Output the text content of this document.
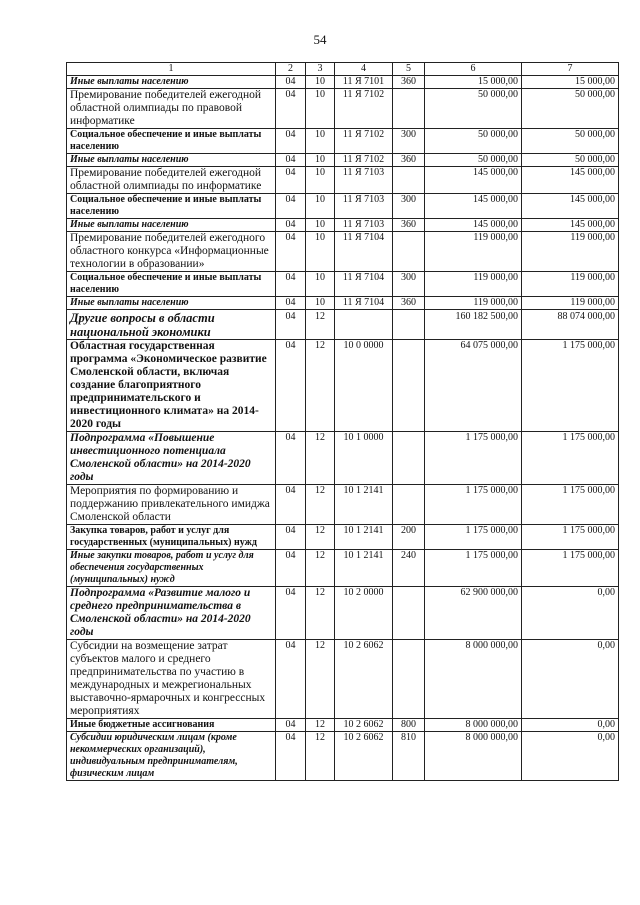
54
1	2	3	4	5	6	7
Иные выплаты населению	04	10	11 Я 7101	360	15 000,00	15 000,00
Премирование победителей ежегодной областной олимпиады по правовой информатике	04	10	11 Я 7102		50 000,00	50 000,00
Социальное обеспечение и иные выплаты населению	04	10	11 Я 7102	300	50 000,00	50 000,00
Иные выплаты населению	04	10	11 Я 7102	360	50 000,00	50 000,00
Премирование победителей ежегодной областной олимпиады по информатике	04	10	11 Я 7103		145 000,00	145 000,00
Социальное обеспечение и иные выплаты населению	04	10	11 Я 7103	300	145 000,00	145 000,00
Иные выплаты населению	04	10	11 Я 7103	360	145 000,00	145 000,00
Премирование победителей ежегодного областного конкурса «Информационные технологии в образовании»	04	10	11 Я 7104		119 000,00	119 000,00
Социальное обеспечение и иные выплаты населению	04	10	11 Я 7104	300	119 000,00	119 000,00
Иные выплаты населению	04	10	11 Я 7104	360	119 000,00	119 000,00
Другие вопросы в области национальной экономики	04	12			160 182 500,00	88 074 000,00
Областная государственная программа «Экономическое развитие Смоленской области, включая создание благоприятного предпринимательского и инвестиционного климата» на 2014-2020 годы	04	12	10 0 0000		64 075 000,00	1 175 000,00
Подпрограмма «Повышение инвестиционного потенциала Смоленской области» на 2014-2020 годы	04	12	10 1 0000		1 175 000,00	1 175 000,00
Мероприятия по формированию и поддержанию привлекательного имиджа Смоленской области	04	12	10 1 2141		1 175 000,00	1 175 000,00
Закупка товаров, работ и услуг для государственных (муниципальных) нужд	04	12	10 1 2141	200	1 175 000,00	1 175 000,00
Иные закупки товаров, работ и услуг для обеспечения государственных (муниципальных) нужд	04	12	10 1 2141	240	1 175 000,00	1 175 000,00
Подпрограмма «Развитие малого и среднего предпринимательства в Смоленской области» на 2014-2020 годы	04	12	10 2 0000		62 900 000,00	0,00
Субсидии на возмещение затрат субъектов малого и среднего предпринимательства по участию в международных и межрегиональных выставочно-ярмарочных и конгрессных мероприятиях	04	12	10 2 6062		8 000 000,00	0,00
Иные бюджетные ассигнования	04	12	10 2 6062	800	8 000 000,00	0,00
Субсидии юридическим лицам (кроме некоммерческих организаций), индивидуальным предпринимателям, физическим лицам	04	12	10 2 6062	810	8 000 000,00	0,00
